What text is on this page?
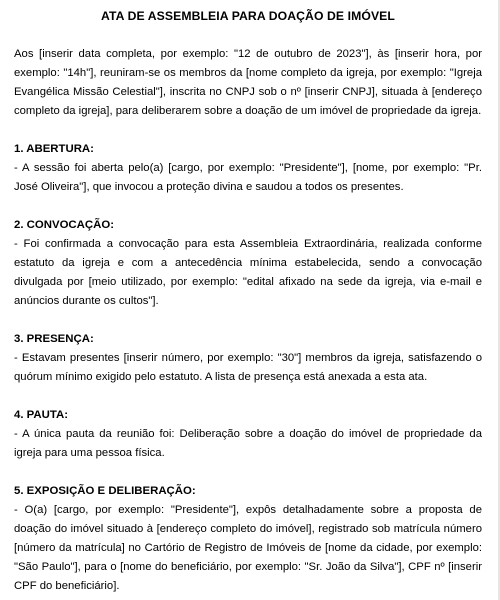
ATA DE ASSEMBLEIA PARA DOAÇÃO DE IMÓVEL

Aos [inserir data completa, por exemplo: "12 de outubro de 2023"], às [inserir hora, por exemplo: "14h"], reuniram-se os membros da [nome completo da igreja, por exemplo: "Igreja Evangélica Missão Celestial"], inscrita no CNPJ sob o nº [inserir CNPJ], situada à [endereço completo da igreja], para deliberarem sobre a doação de um imóvel de propriedade da igreja.

1. ABERTURA:

- A sessão foi aberta pelo(a) [cargo, por exemplo: "Presidente"], [nome, por exemplo: "Pr. José Oliveira"], que invocou a proteção divina e saudou a todos os presentes.

2. CONVOCAÇÃO:

- Foi confirmada a convocação para esta Assembleia Extraordinária, realizada conforme estatuto da igreja e com a antecedência mínima estabelecida, sendo a convocação divulgada por [meio utilizado, por exemplo: "edital afixado na sede da igreja, via e-mail e anúncios durante os cultos"].

3. PRESENÇA:

- Estavam presentes [inserir número, por exemplo: "30"] membros da igreja, satisfazendo o quórum mínimo exigido pelo estatuto. A lista de presença está anexada a esta ata.

4. PAUTA:

- A única pauta da reunião foi: Deliberação sobre a doação do imóvel de propriedade da igreja para uma pessoa física.

5. EXPOSIÇÃO E DELIBERAÇÃO:

- O(a) [cargo, por exemplo: "Presidente"], expôs detalhadamente sobre a proposta de doação do imóvel situado à [endereço completo do imóvel], registrado sob matrícula número [número da matrícula] no Cartório de Registro de Imóveis de [nome da cidade, por exemplo: "São Paulo"], para o [nome do beneficiário, por exemplo: "Sr. João da Silva"], CPF nº [inserir CPF do beneficiário].
